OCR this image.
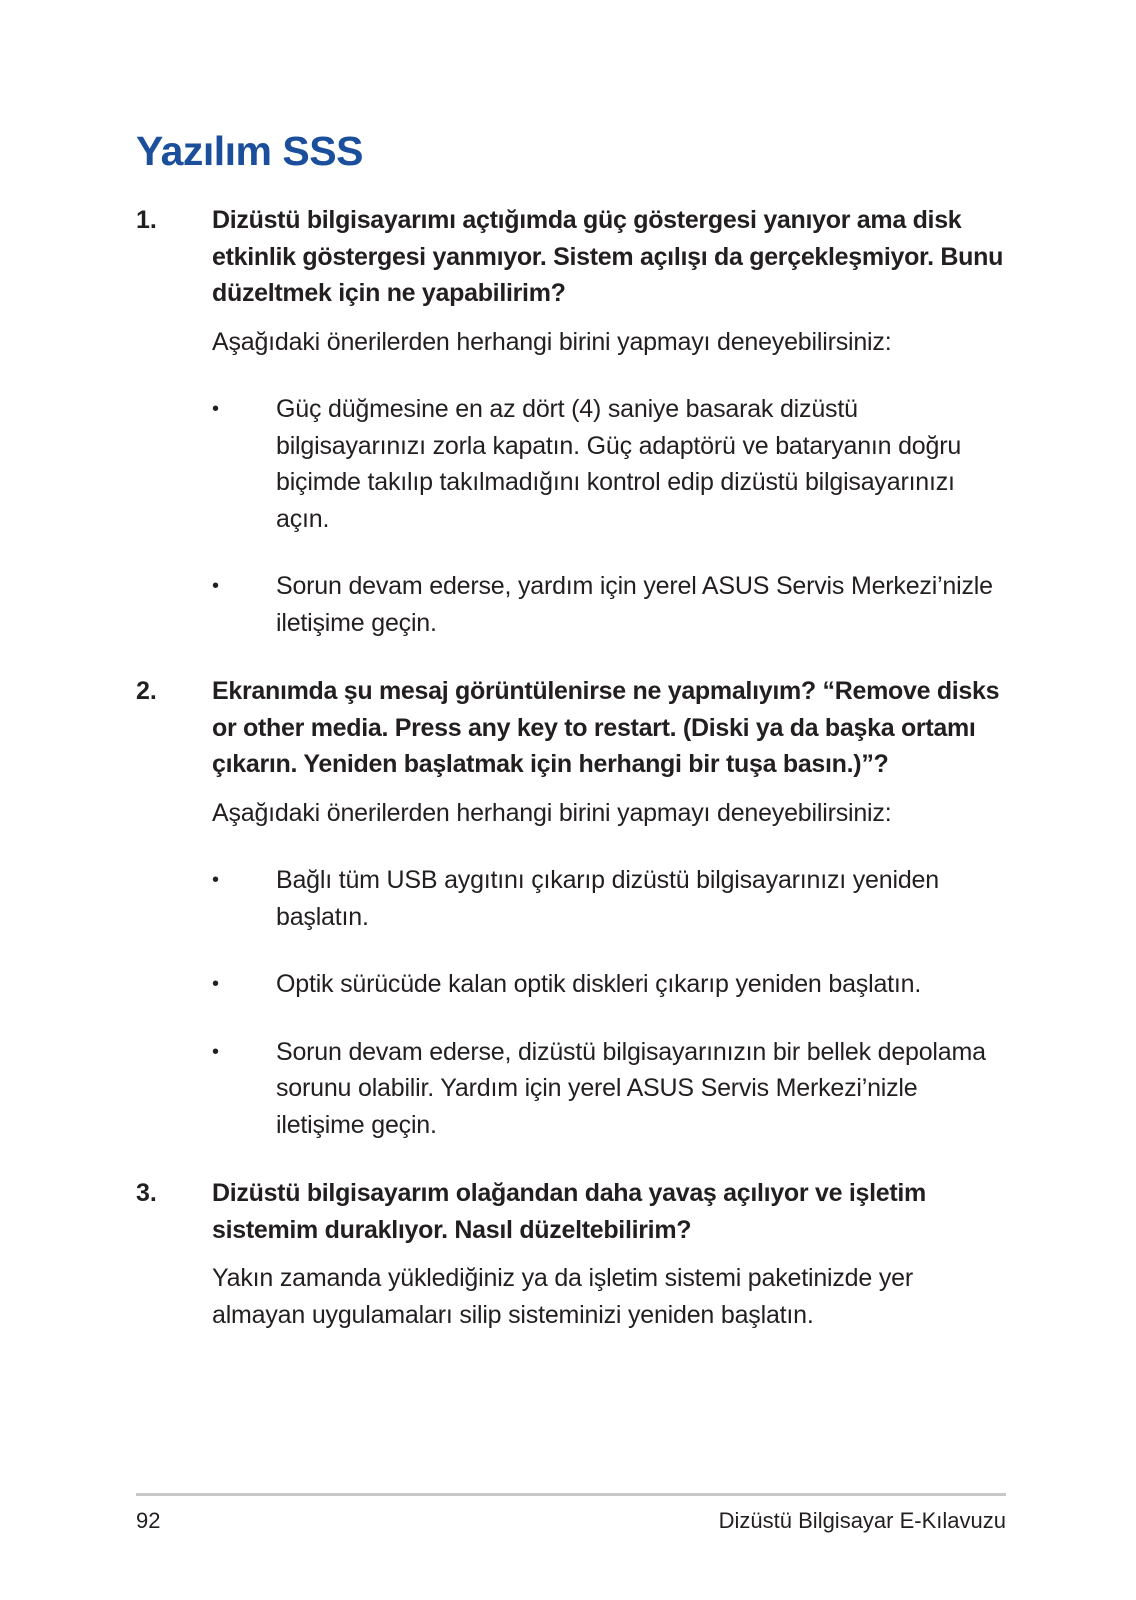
Yazılım SSS
1.	Dizüstü bilgisayarımı açtığımda güç göstergesi yanıyor ama disk etkinlik göstergesi yanmıyor. Sistem açılışı da gerçekleşmiyor. Bunu düzeltmek için ne yapabilirim?

Aşağıdaki önerilerden herhangi birini yapmayı deneyebilirsiniz:

•	Güç düğmesine en az dört (4) saniye basarak dizüstü bilgisayarınızı zorla kapatın. Güç adaptörü ve bataryanın doğru biçimde takılıp takılmadığını kontrol edip dizüstü bilgisayarınızı açın.
•	Sorun devam ederse, yardım için yerel ASUS Servis Merkezi’nizle iletişime geçin.
2.	Ekranımda şu mesaj görüntülenirse ne yapmalıyım? “Remove disks or other media. Press any key to restart. (Diski ya da başka ortamı çıkarın. Yeniden başlatmak için herhangi bir tuşa basın.)”?

Aşağıdaki önerilerden herhangi birini yapmayı deneyebilirsiniz:

•	Bağlı tüm USB aygıtını çıkarıp dizüstü bilgisayarınızı yeniden başlatın.
•	Optik sürücüde kalan optik diskleri çıkarıp yeniden başlatın.
•	Sorun devam ederse, dizüstü bilgisayarınızın bir bellek depolama sorunu olabilir. Yardım için yerel ASUS Servis Merkezi’nizle iletişime geçin.
3.	Dizüstü bilgisayarım olağandan daha yavaş açılıyor ve işletim sistemim duraklıyor. Nasıl düzeltebilirim?

Yakın zamanda yüklediğiniz ya da işletim sistemi paketinizde yer almayan uygulamaları silip sisteminizi yeniden başlatın.

92	Dizüstü Bilgisayar E-Kılavuzu
